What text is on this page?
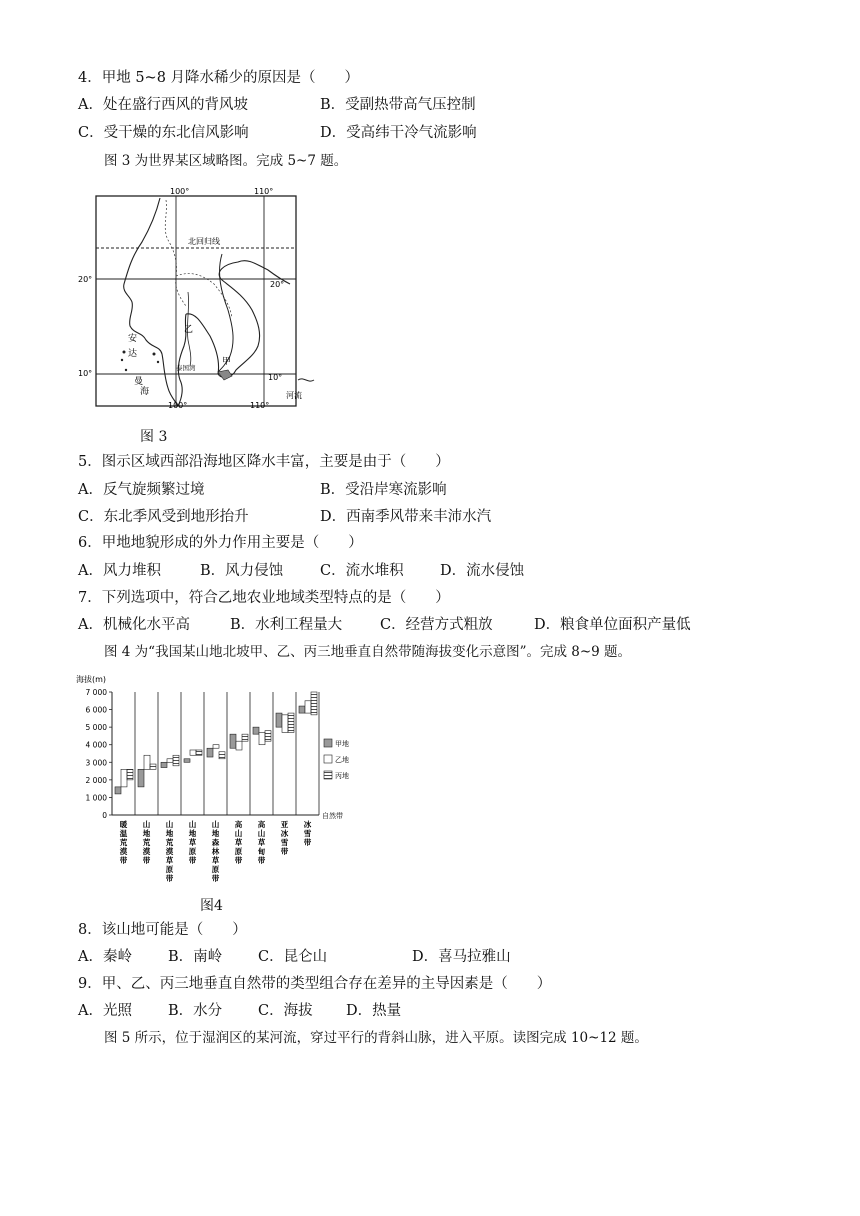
4．甲地 5~8 月降水稀少的原因是（　　）
A．处在盛行西风的背风坡	B．受副热带高气压控制
C．受干燥的东北信风影响	D．受高纬干冷气流影响
图 3 为世界某区域略图。完成 5~7 题。
100°	110°
100°	110°
20°
20°
10°	10°
北回归线
安
达
曼
海
乙
甲
泰国湾
河流
图 3
5．图示区域西部沿海地区降水丰富，主要是由于（　　）
A．反气旋频繁过境	B．受沿岸寒流影响
C．东北季风受到地形抬升	D．西南季风带来丰沛水汽
6．甲地地貌形成的外力作用主要是（　　）
A．风力堆积	B．风力侵蚀	C．流水堆积	D．流水侵蚀
7．下列选项中，符合乙地农业地域类型特点的是（　　）
A．机械化水平高	B．水利工程量大	C．经营方式粗放	D．粮食单位面积产量低
图 4 为“我国某山地北坡甲、乙、丙三地垂直自然带随海拔变化示意图”。完成 8~9 题。
海拔(m)
0
1 000
2 000
3 000
4 000
5 000
6 000
7 000
暖
温
荒
漠
带
山
地
荒
漠
带
山
地
荒
漠
草
原
带
山
地
草
原
带
山
地
森
林
草
原
带
高
山
草
原
带
高
山
草
甸
带
亚
冰
雪
带
冰
雪
带
甲地
乙地
丙地
自然带
图4
8．该山地可能是（　　）
A．秦岭 B．南岭 C．昆仑山	D．喜马拉雅山
9．甲、乙、丙三地垂直自然带的类型组合存在差异的主导因素是（　　）
A．光照 B．水分 C．海拔 D．热量
图 5 所示，位于湿润区的某河流，穿过平行的背斜山脉，进入平原。读图完成 10~12 题。
